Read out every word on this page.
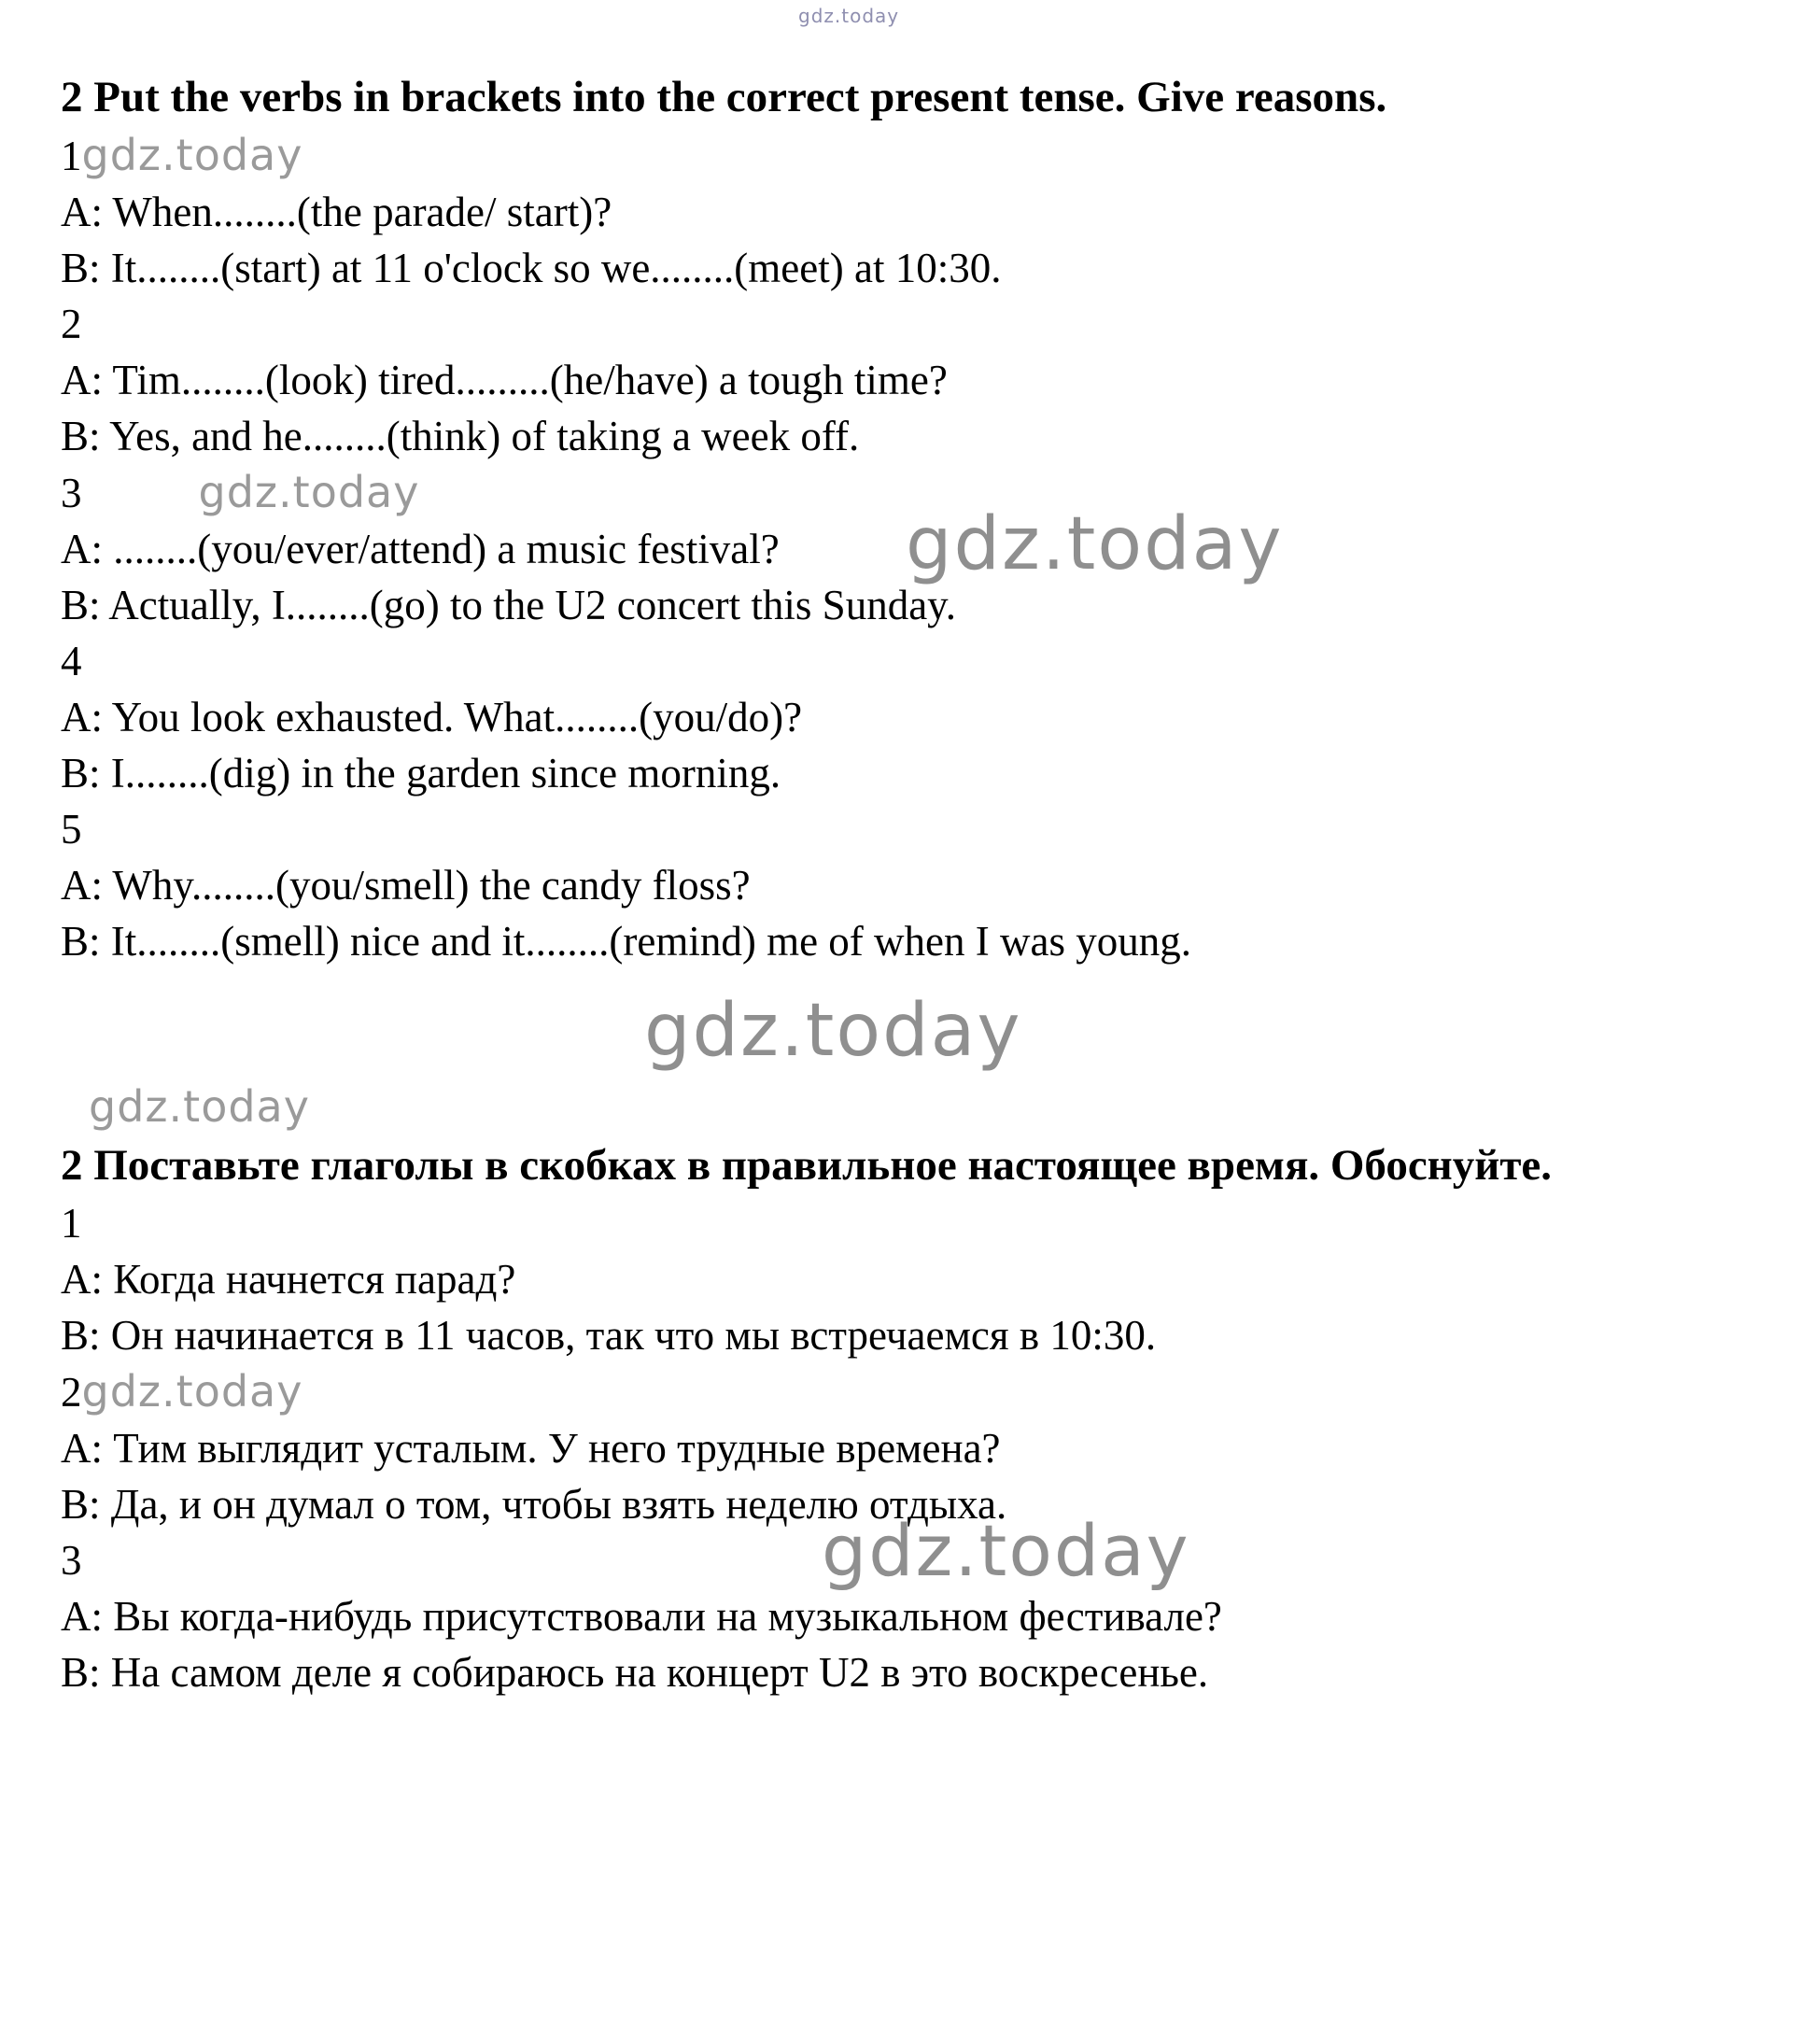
gdz.today
2 Put the verbs in brackets into the correct present tense. Give reasons.
1gdz.today

A: When........(the parade/ start)?

B: It........(start) at 11 o'clock so we........(meet) at 10:30.

2

A: Tim........(look) tired.........(he/have) a tough time?

B: Yes, and he........(think) of taking a week off.

3	gdz.today
gdz.today

A: ........(you/ever/attend) a music festival?

B: Actually, I........(go) to the U2 concert this Sunday.

4

A: You look exhausted. What........(you/do)?

B: I........(dig) in the garden since morning.

5

A: Why........(you/smell) the candy floss?

B: It........(smell) nice and it........(remind) me of when I was young.

gdz.today
gdz.today
2 Поставьте глаголы в скобках в правильное настоящее время. Обоснуйте.

1

A: Когда начнется парад?

B: Он начинается в 11 часов, так что мы встречаемся в 10:30.

2gdz.today

A: Тим выглядит усталым. У него трудные времена?

B: Да, и он думал о том, чтобы взять неделю отдыха.

gdz.today

3

A: Вы когда-нибудь присутствовали на музыкальном фестивале?

B: На самом деле я собираюсь на концерт U2 в это воскресенье.
